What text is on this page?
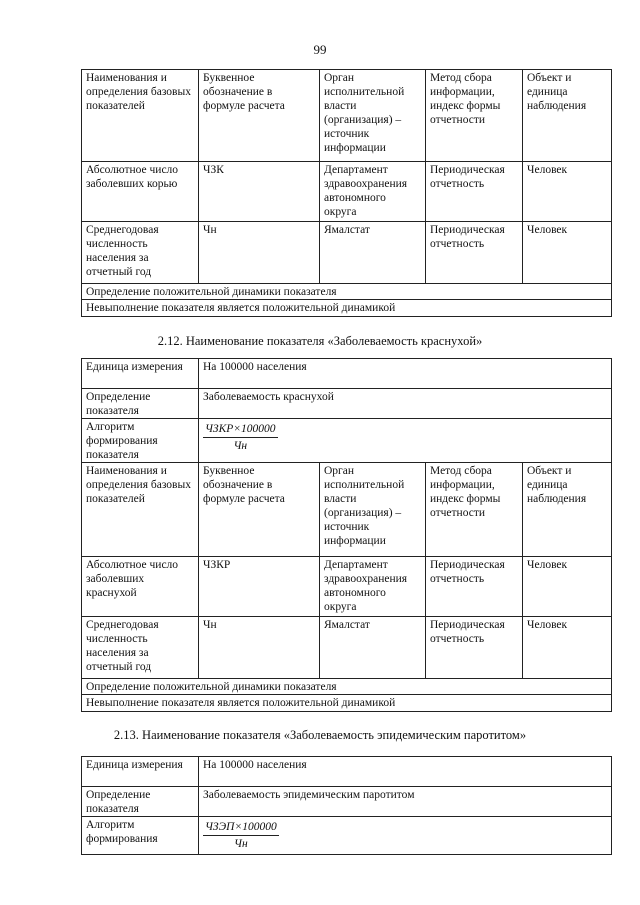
99
Наименования и определения базовых показателей	Буквенное обозначение в формуле расчета	Орган исполнительной власти (организация) – источник информации	Метод сбора информации, индекс формы отчетности	Объект и единица наблюдения
Абсолютное число заболевших корью	ЧЗК	Департамент здравоохранения автономного округа	Периодическая отчетность	Человек
Среднегодовая численность населения за отчетный год	Чн	Ямалстат	Периодическая отчетность	Человек
Определение положительной динамики показателя				
Невыполнение показателя является положительной динамикой				
2.12. Наименование показателя «Заболеваемость краснухой»
Единица измерения	На 100000 населения			
Определение показателя	Заболеваемость краснухой			
Алгоритм формирования показателя	$\frac{\text{ЧЗКР×100000}}{Чн}$

Наименования и определения базовых показателей	Буквенное обозначение в формуле расчета	Орган исполнительной власти (организация) – источник информации	Метод сбора информации, индекс формы отчетности	Объект и единица наблюдения
Абсолютное число заболевших краснухой	ЧЗКР	Департамент здравоохранения автономного округа	Периодическая отчетность	Человек
Среднегодовая численность населения за отчетный год	Чн	Ямалстат	Периодическая отчетность	Человек
Определение положительной динамики показателя				
Невыполнение показателя является положительной динамикой				
2.13. Наименование показателя «Заболеваемость эпидемическим паротитом»
Единица измерения	На 100000 населения
Определение показателя	Заболеваемость эпидемическим паротитом
Алгоритм формирования	$\frac{\text{ЧЗЭП×100000}}{Чн}$
